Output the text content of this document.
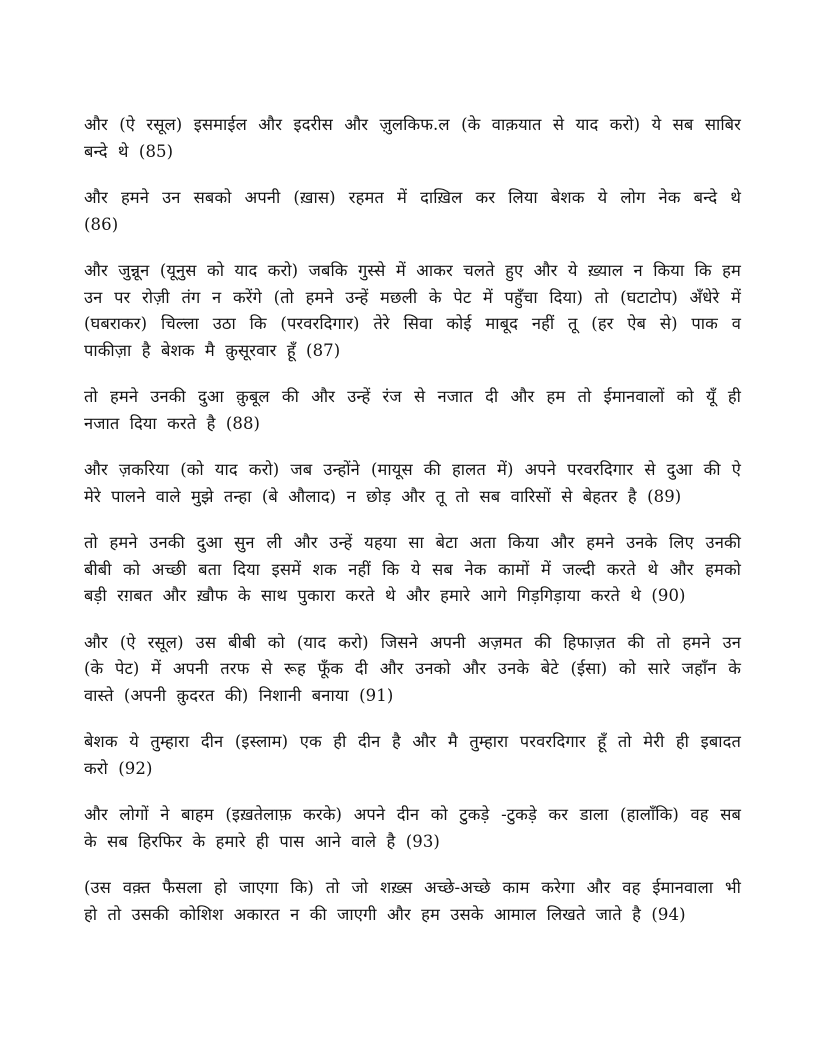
और (ऐ रसूल) इसमाईल और इदरीस और ज़ुलकिफ.ल (के वाक़यात से याद करो) ये सब साबिर बन्दे थे (85)

और हमने उन सबको अपनी (ख़ास) रहमत में दाख़िल कर लिया बेशक ये लोग नेक बन्दे थे (86)

और जुन्नून (यूनुस को याद करो) जबकि गुस्से में आकर चलते हुए और ये ख़्याल न किया कि हम उन पर रोज़ी तंग न करेंगे (तो हमने उन्हें मछली के पेट में पहुँचा दिया) तो (घटाटोप) अँधेरे में (घबराकर) चिल्ला उठा कि (परवरदिगार) तेरे सिवा कोई माबूद नहीं तू (हर ऐब से) पाक व पाकीज़ा है बेशक मै क़ुसूरवार हूँ (87)

तो हमने उनकी दुआ क़ुबूल की और उन्हें रंज से नजात दी और हम तो ईमानवालों को यूँ ही नजात दिया करते है (88)

और ज़करिया (को याद करो) जब उन्होंने (मायूस की हालत में) अपने परवरदिगार से दुआ की ऐ मेरे पालने वाले मुझे तन्हा (बे औलाद) न छोड़ और तू तो सब वारिसों से बेहतर है (89)

तो हमने उनकी दुआ सुन ली और उन्हें यहया सा बेटा अता किया और हमने उनके लिए उनकी बीबी को अच्छी बता दिया इसमें शक नहीं कि ये सब नेक कामों में जल्दी करते थे और हमको बड़ी रग़बत और ख़ौफ के साथ पुकारा करते थे और हमारे आगे गिड़गिड़ाया करते थे (90)

और (ऐ रसूल) उस बीबी को (याद करो) जिसने अपनी अज़मत की हिफाज़त की तो हमने उन (के पेट) में अपनी तरफ से रूह फूँक दी और उनको और उनके बेटे (ईसा) को सारे जहाँन के वास्ते (अपनी क़ुदरत की) निशानी बनाया (91)

बेशक ये तुम्हारा दीन (इस्लाम) एक ही दीन है और मै तुम्हारा परवरदिगार हूँ तो मेरी ही इबादत करो (92)

और लोगों ने बाहम (इख़तेलाफ़ करके) अपने दीन को टुकड़े -टुकड़े कर डाला (हालाँकि) वह सब के सब हिरफिर के हमारे ही पास आने वाले है (93)

(उस वक़्त फैसला हो जाएगा कि) तो जो शख़्स अच्छे-अच्छे काम करेगा और वह ईमानवाला भी हो तो उसकी कोशिश अकारत न की जाएगी और हम उसके आमाल लिखते जाते है (94)
